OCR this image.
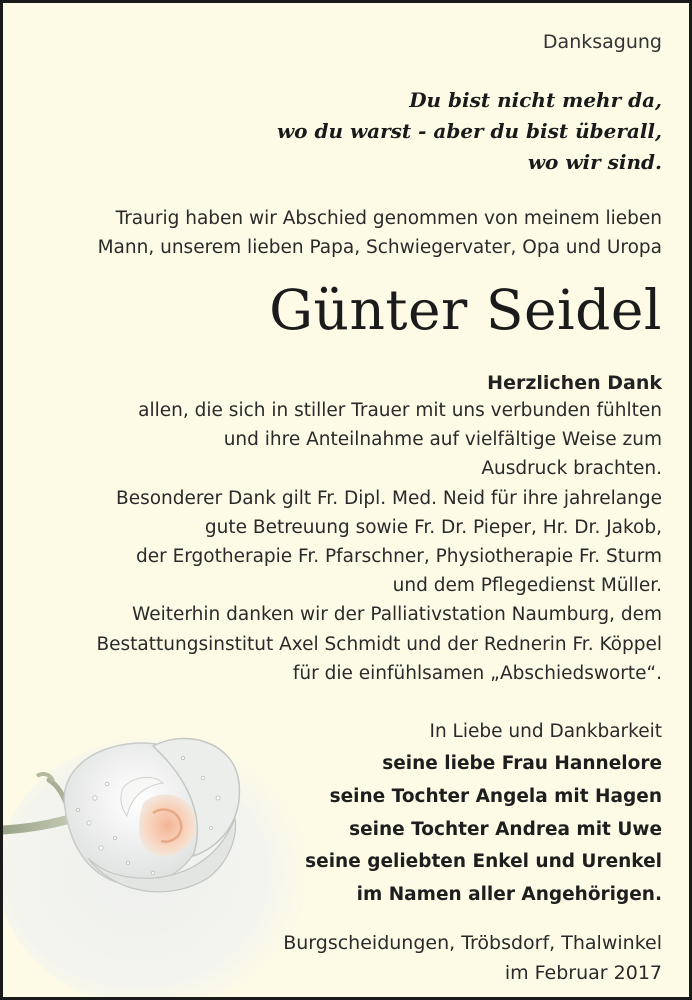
Danksagung
Du bist nicht mehr da,
wo du warst - aber du bist überall,
wo wir sind.
Traurig haben wir Abschied genommen von meinem lieben
Mann, unserem lieben Papa, Schwiegervater, Opa und Uropa
Günter Seidel
Herzlichen Dank
allen, die sich in stiller Trauer mit uns verbunden fühlten
und ihre Anteilnahme auf vielfältige Weise zum
Ausdruck brachten.
Besonderer Dank gilt Fr. Dipl. Med. Neid für ihre jahrelange
gute Betreuung sowie Fr. Dr. Pieper, Hr. Dr. Jakob,
der Ergotherapie Fr. Pfarschner, Physiotherapie Fr. Sturm
und dem Pflegedienst Müller.
Weiterhin danken wir der Palliativstation Naumburg, dem
Bestattungsinstitut Axel Schmidt und der Rednerin Fr. Köppel
für die einfühlsamen „Abschiedsworte“.
In Liebe und Dankbarkeit
seine liebe Frau Hannelore
seine Tochter Angela mit Hagen
seine Tochter Andrea mit Uwe
seine geliebten Enkel und Urenkel
im Namen aller Angehörigen.
Burgscheidungen, Tröbsdorf, Thalwinkel
im Februar 2017
